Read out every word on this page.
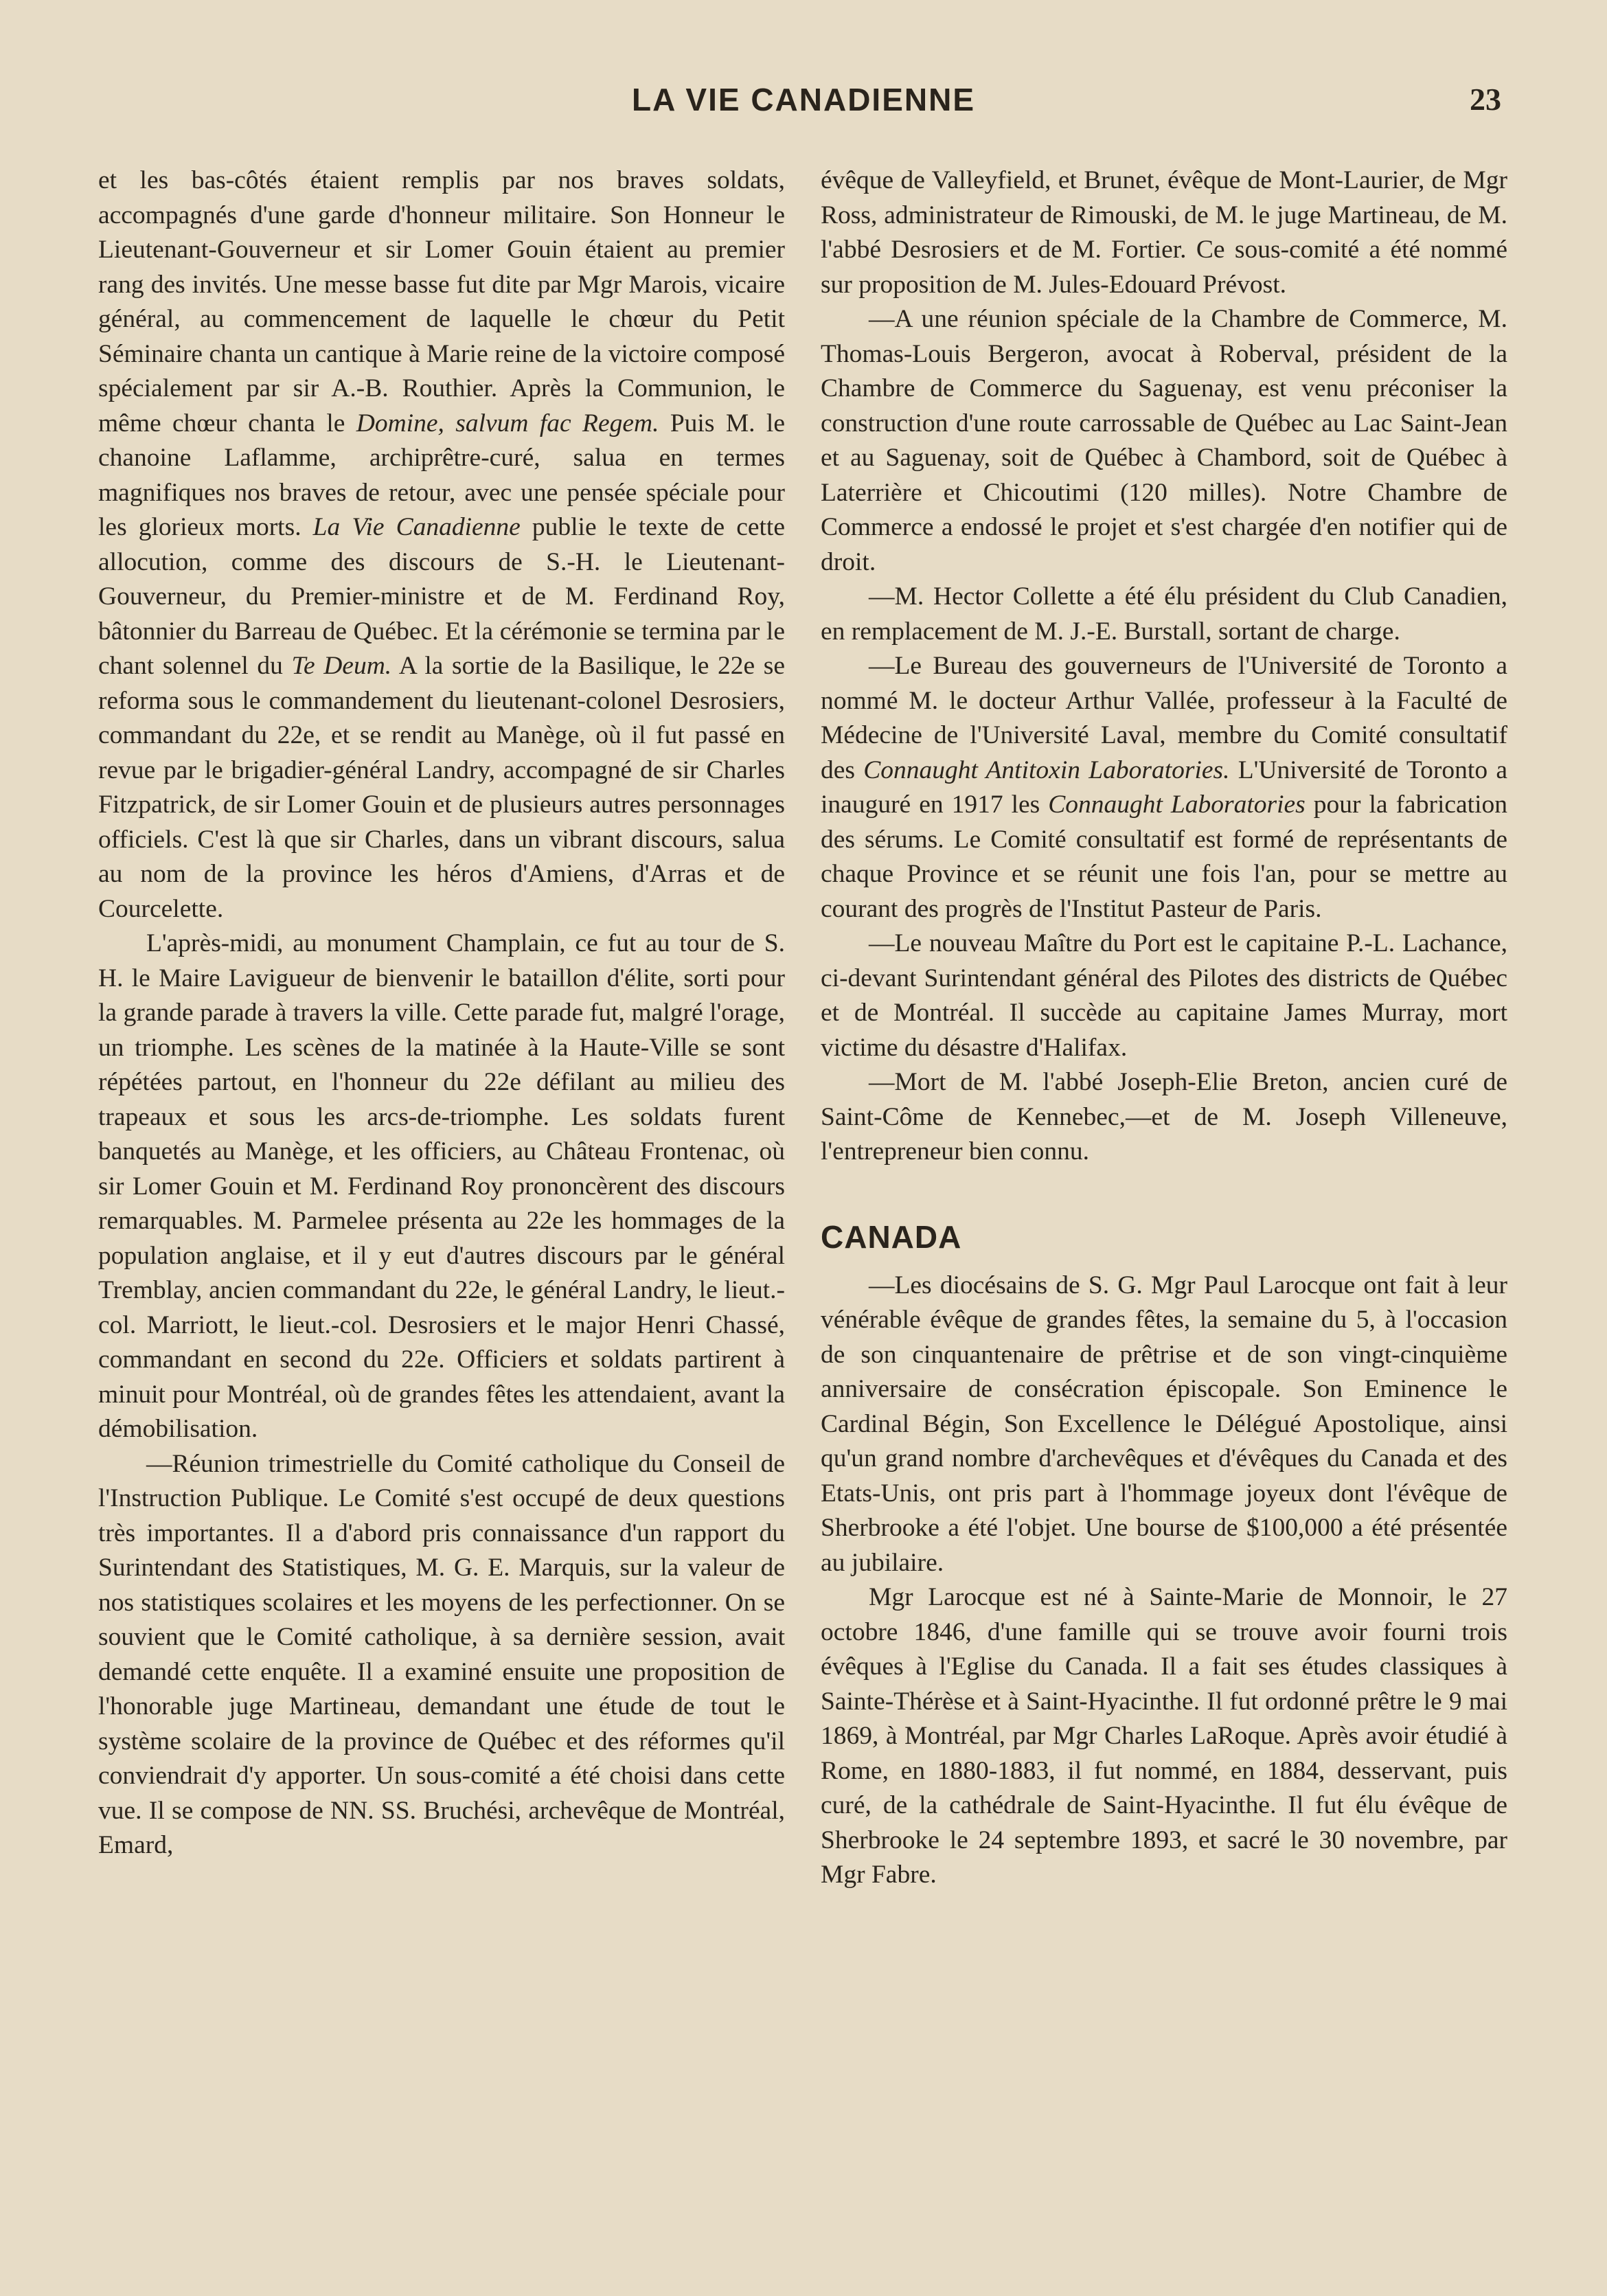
LA VIE CANADIENNE	23

et les bas-côtés étaient remplis par nos braves soldats, accompagnés d'une garde d'honneur militaire. Son Honneur le Lieutenant-Gouverneur et sir Lomer Gouin étaient au premier rang des invités. Une messe basse fut dite par Mgr Marois, vicaire général, au commencement de laquelle le chœur du Petit Séminaire chanta un cantique à Marie reine de la victoire composé spécialement par sir A.-B. Routhier. Après la Communion, le même chœur chanta le Domine, salvum fac Regem. Puis M. le chanoine Laflamme, archiprêtre-curé, salua en termes magnifiques nos braves de retour, avec une pensée spéciale pour les glorieux morts. La Vie Canadienne publie le texte de cette allocution, comme des discours de S.-H. le Lieutenant-Gouverneur, du Premier-ministre et de M. Ferdinand Roy, bâtonnier du Barreau de Québec. Et la cérémonie se termina par le chant solennel du Te Deum. A la sortie de la Basilique, le 22e se reforma sous le commandement du lieutenant-colonel Desrosiers, commandant du 22e, et se rendit au Manège, où il fut passé en revue par le brigadier-général Landry, accompagné de sir Charles Fitzpatrick, de sir Lomer Gouin et de plusieurs autres personnages officiels. C'est là que sir Charles, dans un vibrant discours, salua au nom de la province les héros d'Amiens, d'Arras et de Courcelette.

L'après-midi, au monument Champlain, ce fut au tour de S. H. le Maire Lavigueur de bienvenir le bataillon d'élite, sorti pour la grande parade à travers la ville. Cette parade fut, malgré l'orage, un triomphe. Les scènes de la matinée à la Haute-Ville se sont répétées partout, en l'honneur du 22e défilant au milieu des trapeaux et sous les arcs-de-triomphe. Les soldats furent banquetés au Manège, et les officiers, au Château Frontenac, où sir Lomer Gouin et M. Ferdinand Roy prononcèrent des discours remarquables. M. Parmelee présenta au 22e les hommages de la population anglaise, et il y eut d'autres discours par le général Tremblay, ancien commandant du 22e, le général Landry, le lieut.-col. Marriott, le lieut.-col. Desrosiers et le major Henri Chassé, commandant en second du 22e. Officiers et soldats partirent à minuit pour Montréal, où de grandes fêtes les attendaient, avant la démobilisation.

—Réunion trimestrielle du Comité catholique du Conseil de l'Instruction Publique. Le Comité s'est occupé de deux questions très importantes. Il a d'abord pris connaissance d'un rapport du Surintendant des Statistiques, M. G. E. Marquis, sur la valeur de nos statistiques scolaires et les moyens de les perfectionner. On se souvient que le Comité catholique, à sa dernière session, avait demandé cette enquête. Il a examiné ensuite une proposition de l'honorable juge Martineau, demandant une étude de tout le système scolaire de la province de Québec et des réformes qu'il conviendrait d'y apporter. Un sous-comité a été choisi dans cette vue. Il se compose de NN. SS. Bruchési, archevêque de Montréal, Emard,

évêque de Valleyfield, et Brunet, évêque de Mont-Laurier, de Mgr Ross, administrateur de Rimouski, de M. le juge Martineau, de M. l'abbé Desrosiers et de M. Fortier. Ce sous-comité a été nommé sur proposition de M. Jules-Edouard Prévost.

—A une réunion spéciale de la Chambre de Commerce, M. Thomas-Louis Bergeron, avocat à Roberval, président de la Chambre de Commerce du Saguenay, est venu préconiser la construction d'une route carrossable de Québec au Lac Saint-Jean et au Saguenay, soit de Québec à Chambord, soit de Québec à Laterrière et Chicoutimi (120 milles). Notre Chambre de Commerce a endossé le projet et s'est chargée d'en notifier qui de droit.

—M. Hector Collette a été élu président du Club Canadien, en remplacement de M. J.-E. Burstall, sortant de charge.

—Le Bureau des gouverneurs de l'Université de Toronto a nommé M. le docteur Arthur Vallée, professeur à la Faculté de Médecine de l'Université Laval, membre du Comité consultatif des Connaught Antitoxin Laboratories. L'Université de Toronto a inauguré en 1917 les Connaught Laboratories pour la fabrication des sérums. Le Comité consultatif est formé de représentants de chaque Province et se réunit une fois l'an, pour se mettre au courant des progrès de l'Institut Pasteur de Paris.

—Le nouveau Maître du Port est le capitaine P.-L. Lachance, ci-devant Surintendant général des Pilotes des districts de Québec et de Montréal. Il succède au capitaine James Murray, mort victime du désastre d'Halifax.

—Mort de M. l'abbé Joseph-Elie Breton, ancien curé de Saint-Côme de Kennebec,—et de M. Joseph Villeneuve, l'entrepreneur bien connu.

CANADA

—Les diocésains de S. G. Mgr Paul Larocque ont fait à leur vénérable évêque de grandes fêtes, la semaine du 5, à l'occasion de son cinquantenaire de prêtrise et de son vingt-cinquième anniversaire de consécration épiscopale. Son Eminence le Cardinal Bégin, Son Excellence le Délégué Apostolique, ainsi qu'un grand nombre d'archevêques et d'évêques du Canada et des Etats-Unis, ont pris part à l'hommage joyeux dont l'évêque de Sherbrooke a été l'objet. Une bourse de $100,000 a été présentée au jubilaire.

Mgr Larocque est né à Sainte-Marie de Monnoir, le 27 octobre 1846, d'une famille qui se trouve avoir fourni trois évêques à l'Eglise du Canada. Il a fait ses études classiques à Sainte-Thérèse et à Saint-Hyacinthe. Il fut ordonné prêtre le 9 mai 1869, à Montréal, par Mgr Charles LaRoque. Après avoir étudié à Rome, en 1880-1883, il fut nommé, en 1884, desservant, puis curé, de la cathédrale de Saint-Hyacinthe. Il fut élu évêque de Sherbrooke le 24 septembre 1893, et sacré le 30 novembre, par Mgr Fabre.
